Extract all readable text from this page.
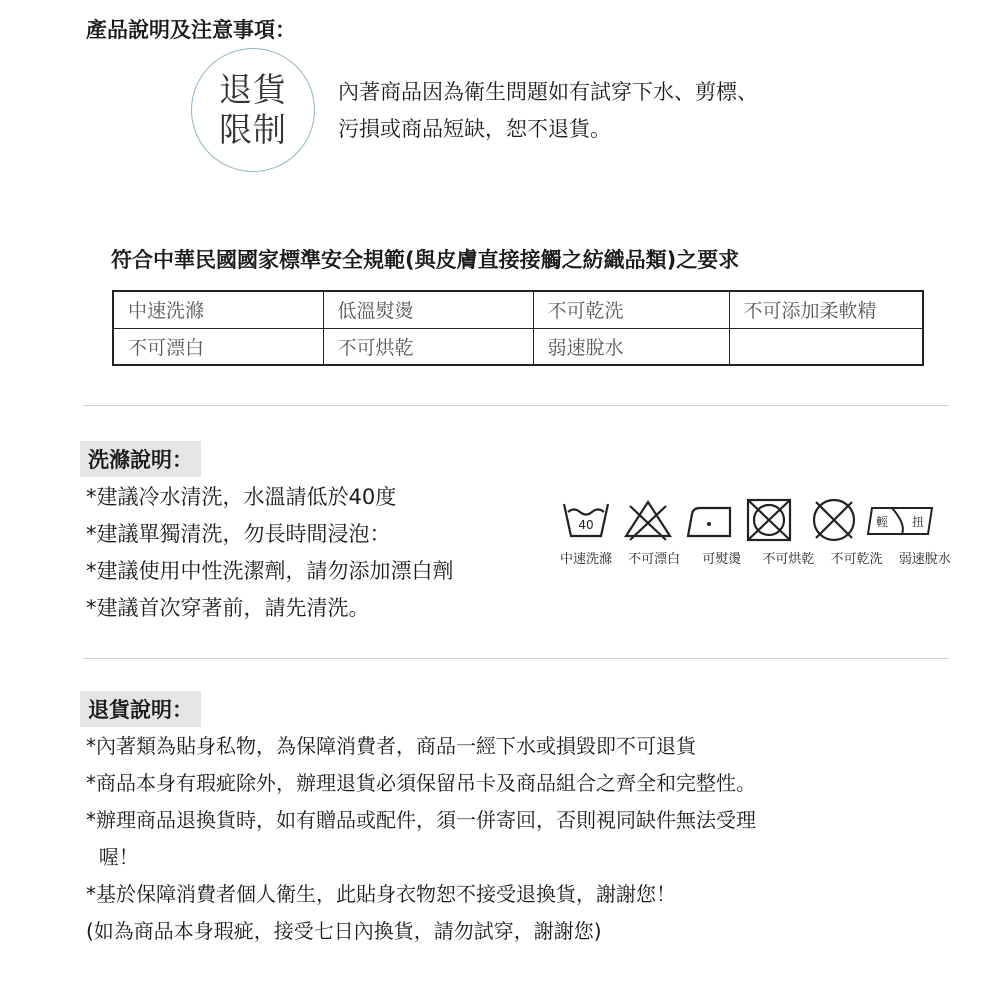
產品說明及注意事項：
退貨
限制
內著商品因為衛生問題如有試穿下水、剪標、
污損或商品短缺，恕不退貨。
符合中華民國國家標準安全規範(與皮膚直接接觸之紡織品類)之要求
中速洗滌	低溫熨燙	不可乾洗	不可添加柔軟精
不可漂白	不可烘乾	弱速脫水	
洗滌說明：
*建議冷水清洗，水溫請低於40度
*建議單獨清洗，勿長時間浸泡：
*建議使用中性洗潔劑，請勿添加漂白劑
*建議首次穿著前，請先清洗。
40	輕 扭
中速洗滌 不可漂白 可熨燙 不可烘乾 不可乾洗 弱速脫水
退貨說明：
*內著類為貼身私物，為保障消費者，商品一經下水或損毀即不可退貨
*商品本身有瑕疵除外，辦理退貨必須保留吊卡及商品組合之齊全和完整性。
*辦理商品退換貨時，如有贈品或配件，須一併寄回，否則視同缺件無法受理
喔！
*基於保障消費者個人衛生，此貼身衣物恕不接受退換貨，謝謝您！
(如為商品本身瑕疵，接受七日內換貨，請勿試穿，謝謝您)
